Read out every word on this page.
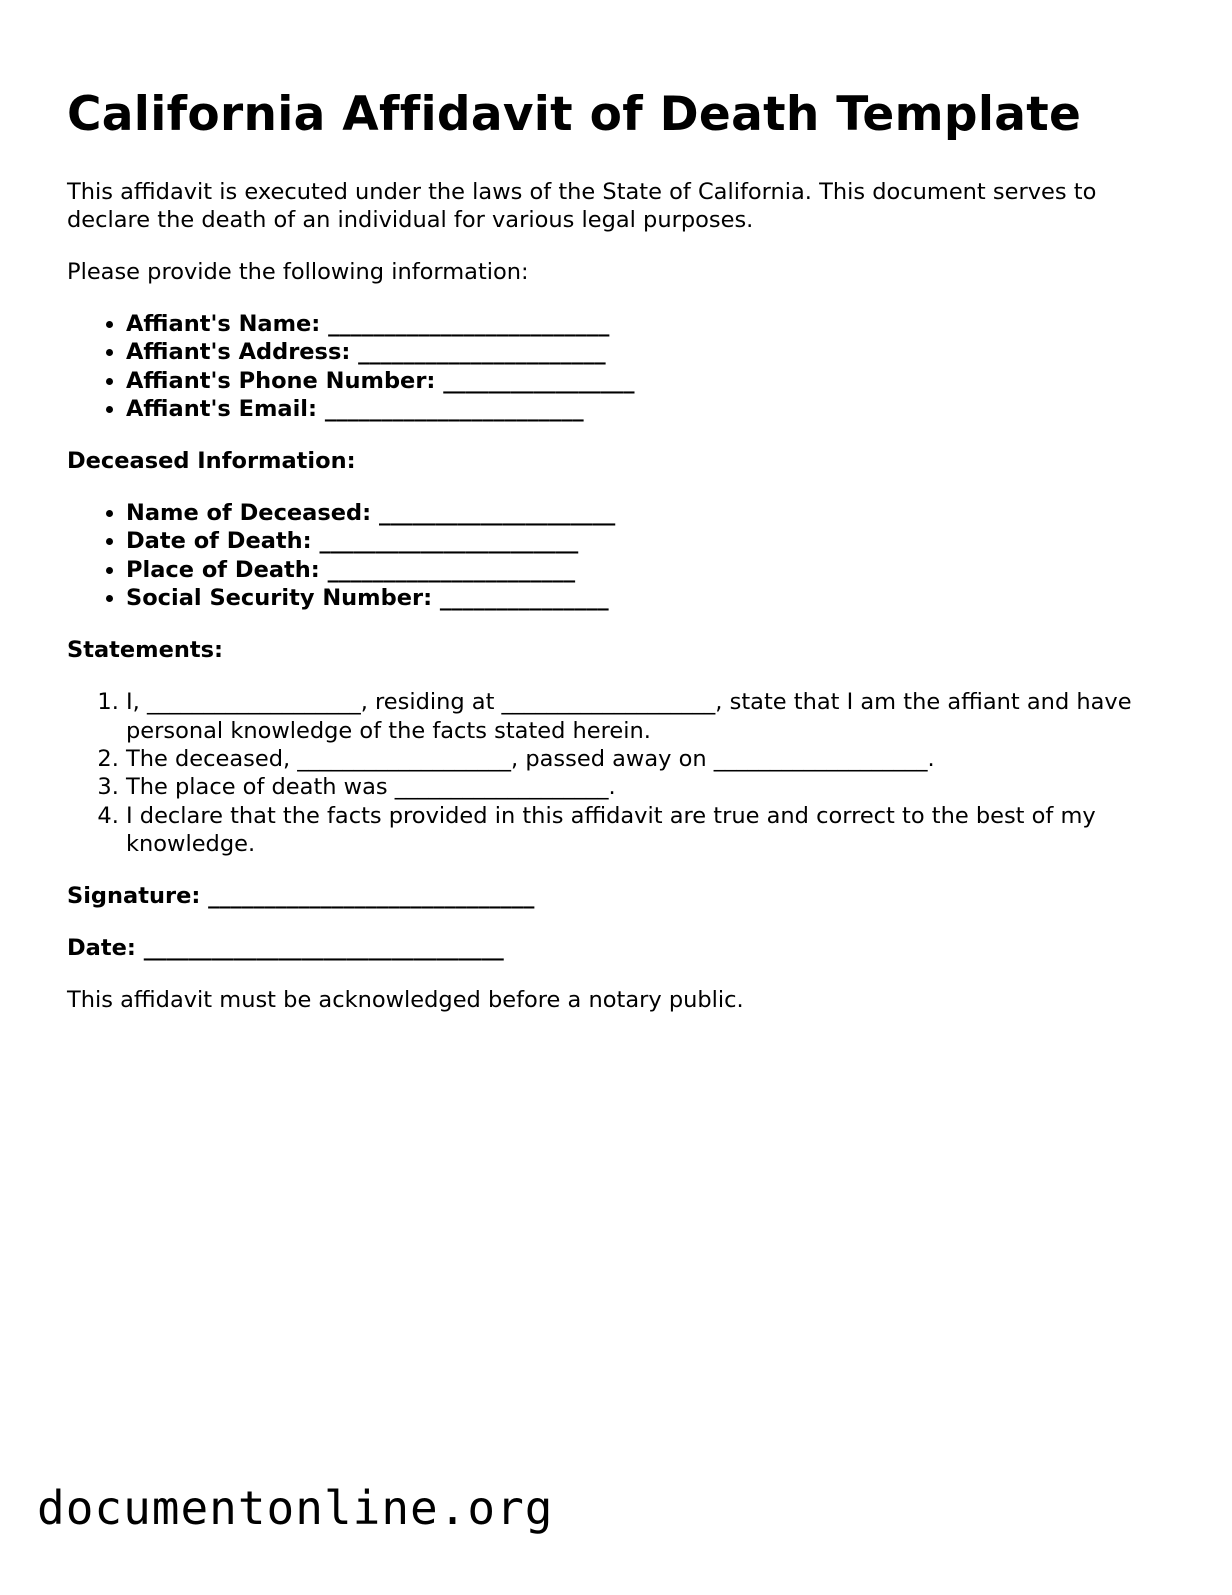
California Affidavit of Death Template

This affidavit is executed under the laws of the State of California. This document serves to declare the death of an individual for various legal purposes.

Please provide the following information:

• Affiant's Name: _________________________
• Affiant's Address: ______________________
• Affiant's Phone Number: _________________
• Affiant's Email: _______________________
Deceased Information:
• Name of Deceased: _____________________
• Date of Death: _______________________
• Place of Death: ______________________
• Social Security Number: _______________
Statements:
1. I, ___________________, residing at ___________________, state that I am the affiant and have personal knowledge of the facts stated herein.
2. The deceased, ___________________, passed away on ___________________.
3. The place of death was ___________________.
4. I declare that the facts provided in this affidavit are true and correct to the best of my knowledge.
Signature: _____________________________
Date: ________________________________

This affidavit must be acknowledged before a notary public.

documentonline.org
